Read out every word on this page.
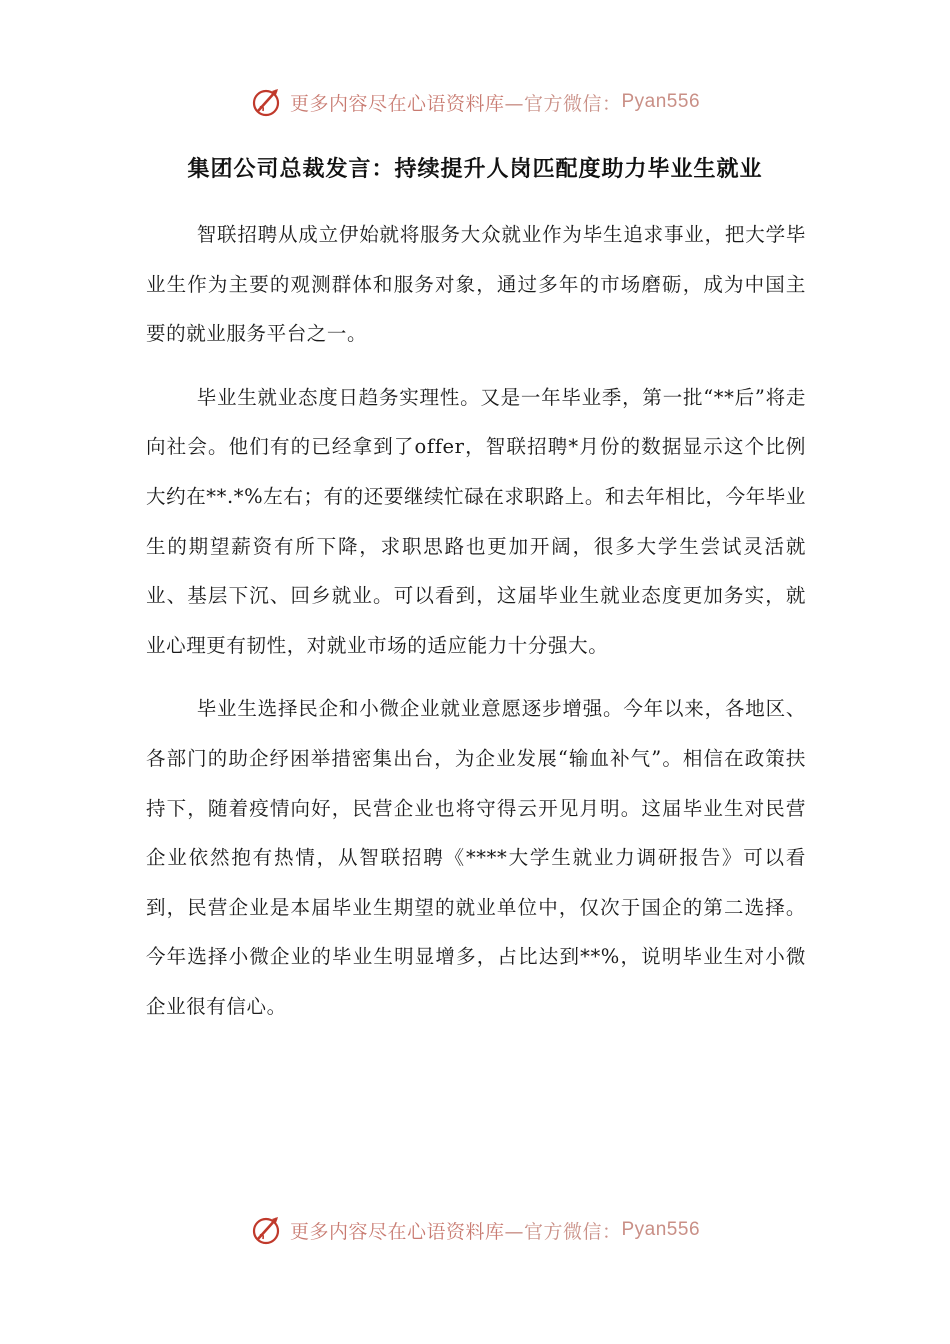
更多内容尽在心语资料库 —官方微信： Pyan556
集团公司总裁发言：持续提升人岗匹配度助力毕业生就业

智联招聘从成立伊始就将服务大众就业作为毕生追求事业，把大学毕业生作为主要的观测群体和服务对象，通过多年的市场磨砺，成为中国主要的就业服务平台之一。

毕业生就业态度日趋务实理性。又是一年毕业季，第一批“**后”将走向社会。他们有的已经拿到了offer，智联招聘*月份的数据显示这个比例大约在**.*%左右；有的还要继续忙碌在求职路上。和去年相比，今年毕业生的期望薪资有所下降，求职思路也更加开阔，很多大学生尝试灵活就业、基层下沉、回乡就业。可以看到，这届毕业生就业态度更加务实，就业心理更有韧性，对就业市场的适应能力十分强大。

毕业生选择民企和小微企业就业意愿逐步增强。今年以来，各地区、各部门的助企纾困举措密集出台，为企业发展“输血补气”。相信在政策扶持下，随着疫情向好，民营企业也将守得云开见月明。这届毕业生对民营企业依然抱有热情，从智联招聘《****大学生就业力调研报告》可以看到，民营企业是本届毕业生期望的就业单位中，仅次于国企的第二选择。今年选择小微企业的毕业生明显增多，占比达到**%，说明毕业生对小微企业很有信心。

更多内容尽在心语资料库 —官方微信： Pyan556
